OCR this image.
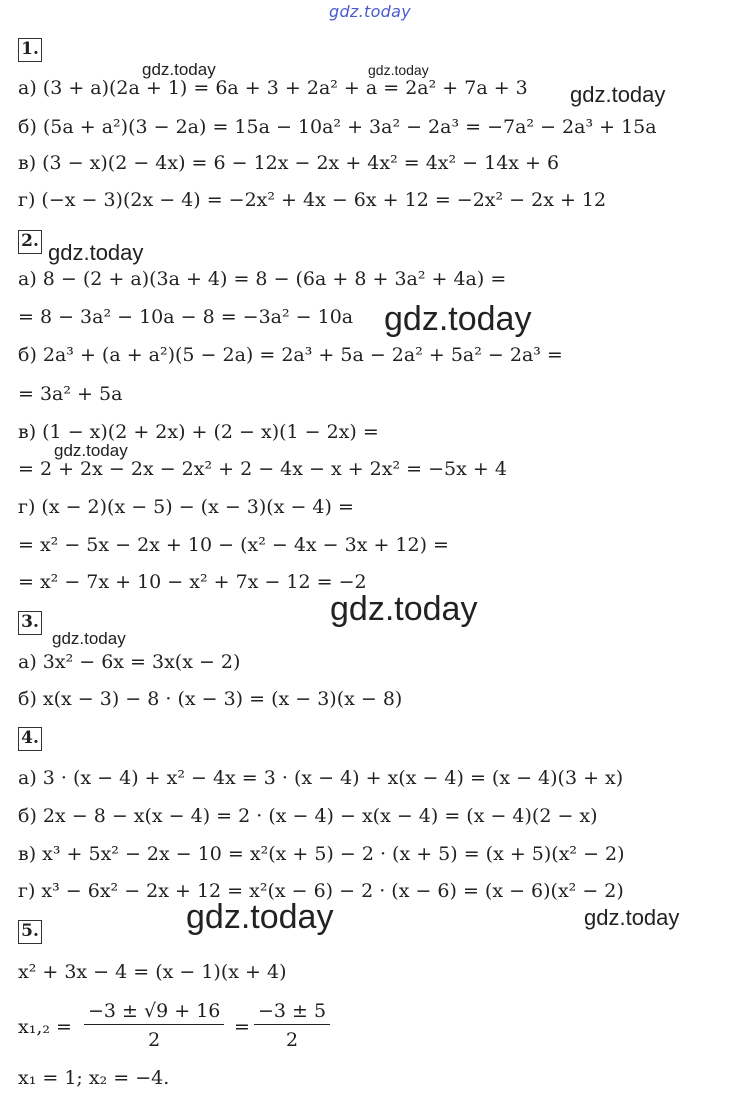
gdz.today
1.
а) (3 + a)(2a + 1) = 6a + 3 + 2a² + a = 2a² + 7a + 3
б) (5a + a²)(3 − 2a) = 15a − 10a² + 3a² − 2a³ = −7a² − 2a³ + 15a
в) (3 − x)(2 − 4x) = 6 − 12x − 2x + 4x² = 4x² − 14x + 6
г) (−x − 3)(2x − 4) = −2x² + 4x − 6x + 12 = −2x² − 2x + 12
2.
а) 8 − (2 + a)(3a + 4) = 8 − (6a + 8 + 3a² + 4a) =
= 8 − 3a² − 10a − 8 = −3a² − 10a
б) 2a³ + (a + a²)(5 − 2a) = 2a³ + 5a − 2a² + 5a² − 2a³ =
= 3a² + 5a
в) (1 − x)(2 + 2x) + (2 − x)(1 − 2x) =
= 2 + 2x − 2x − 2x² + 2 − 4x − x + 2x² = −5x + 4
г) (x − 2)(x − 5) − (x − 3)(x − 4) =
= x² − 5x − 2x + 10 − (x² − 4x − 3x + 12) =
= x² − 7x + 10 − x² + 7x − 12 = −2
3.
а) 3x² − 6x = 3x(x − 2)
б) x(x − 3) − 8 · (x − 3) = (x − 3)(x − 8)
4.
а) 3 · (x − 4) + x² − 4x = 3 · (x − 4) + x(x − 4) = (x − 4)(3 + x)
б) 2x − 8 − x(x − 4) = 2 · (x − 4) − x(x − 4) = (x − 4)(2 − x)
в) x³ + 5x² − 2x − 10 = x²(x + 5) − 2 · (x + 5) = (x + 5)(x² − 2)
г) x³ − 6x² − 2x + 12 = x²(x − 6) − 2 · (x − 6) = (x − 6)(x² − 2)
5.
x² + 3x − 4 = (x − 1)(x + 4)
$x_1,_2 = \frac{-3 \pm √9 + 16}{2} = \frac{-3 \pm 5}{2}$
x₁ = 1; x₂ = −4.
gdz.today	gdz.today
gdz.today
gdz.today
gdz.today
gdz.today
gdz.today
gdz.today
gdz.today	gdz.today
